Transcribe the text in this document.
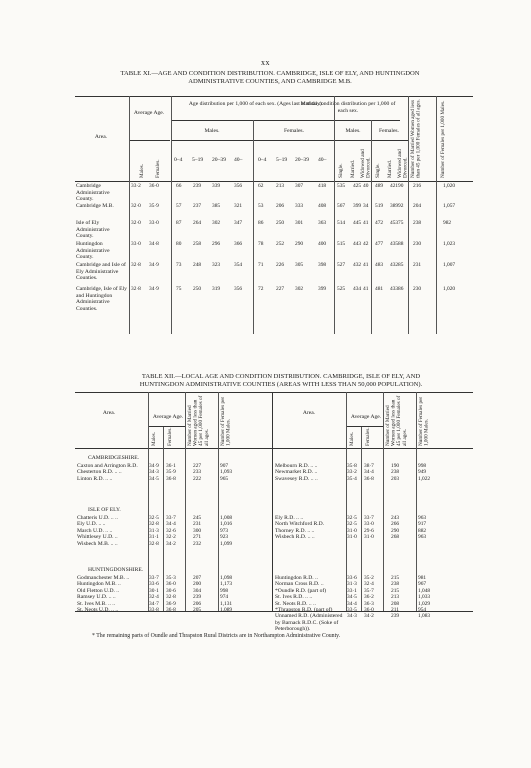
xx
TABLE XI.—AGE AND CONDITION DISTRIBUTION. CAMBRIDGE, ISLE OF ELY, AND HUNTINGDON
ADMINISTRATIVE COUNTIES, AND CAMBRIDGE M.B.
Area.
Average Age.
Age distribution per 1,000 of each sex. (Ages last birthday).
Marital condition distribution per 1,000 of each sex.
Males.	Females.	Males.	Females.
Males. Females. 0–4 5–19 20–39 40–	0–4 5–19 20–39 40–
Single. Married. Widowed and Divorced. Single. Married. Widowed and Divorced. Number of Married Women aged less than 45 per 1,000 Females of all ages.	Number of Females per 1,000 Males.
Cambridge Administrative County.
33·2 36·0	66 239 339	356	62 213 307	418 535 425 40 489 421 90 216	1,020
Cambridge M.B.	32·0 35·9	57 237 385	321	53 206 333	408 567 399 34 519 389 92 204	1,057
Isle of Ely Administrative County.
32·0 33·0	87 264 302	347	86 250 301	363 514 445 41 472 453 75 238	982
Huntingdon Administrative County.
33·0 34·8	80 258 296	366	78 252 290	400 515 443 42 477 435 88 230	1,023
Cambridge and Isle of Ely Administrative Counties.
32·8 34·9	73 248 323	354	71 226 305	398 527 432 41 483 432 85 231	1,007
Cambridge, Isle of Ely and Huntingdon Administrative Counties.
32·8 34·9	75 250 319	356	72 227 302	399 525 434 41 481 433 86 230	1,020
TABLE XII.—LOCAL AGE AND CONDITION DISTRIBUTION. CAMBRIDGE, ISLE OF ELY, AND
HUNTINGDON ADMINISTRATIVE COUNTIES (AREAS WITH LESS THAN 50,000 POPULATION).
Area.
Average Age.
Males. Females.	Number of Married Women aged less than 45 per 1,000 Females of all ages. Number of Females per 1,000 Males.
Area.
Average Age.
Males. Females.	Number of Married Women aged less than 45 per 1,000 Females of all ages. Number of Females per 1,000 Males.
CAMBRIDGESHIRE.
Caxton and Arrington R.D. 34·9 36·1	227	907
Chesterton R.D. .. ..	34·3 35·9	233	1,093
Linton R.D. .. ..	34·5 36·8	222	965
Melbourn R.D. .. ..	35·8 38·7	190	998
Newmarket R.D. ..	33·2 34·4	238	949
Swavesey R.D. .. ..	35·4 36·8	203	1,022
ISLE OF ELY.
Chatteris U.D. .. ..	32·5 33·7	245	1,008
Ely U.D. .. ..	32·8 34·4	231	1,016
March U.D. .. ..	31·3 32·6	300	973
Whittlesey U.D. ..	31·1 32·2	271	923
Wisbech M.B. .. ..	32·8 34·2	232	1,099
Ely R.D. .. ..	32·5 33·7	243	963
North Witchford R.D.	32·5 33·0	266	917
Thorney R.D. .. ..	31·0 29·6	290	882
Wisbech R.D. .. ..	31·0 31·0	268	963
HUNTINGDONSHIRE.
Godmanchester M.B. ..	33·7 35·3	207	1,098
Huntingdon M.B. ..	33·6 36·0	200	1,173
Old Fletton U.D. ..	30·1 30·6	304	998
Ramsey U.D. .. ..	32·4 32·8	239	974
St. Ives M.B. .. ..	34·7 36·9	206	1,131
St. Neots U.D. .. ..	33·8 36·8	205	1,089
Huntingdon R.D. ..	33·6 35·2	215	981
Norman Cross R.D. ..	31·3 32·4	238	967
*Oundle R.D. (part of)	33·1 35·7	215	1,048
St. Ives R.D. .. ..	34·5 36·2	213	1,033
St. Neots R.D. .. ..	34·4 36·3	208	1,029
*Thrapston R.D. (part of)	33·5 36·0	211	954
Unnamed R.D. (Administered by Barnack R.D.C. (Soke of Peterborough)).
34·3 34·2	239	1,083
* The remaining parts of Oundle and Thrapston Rural Districts are in Northampton Administrative County.
